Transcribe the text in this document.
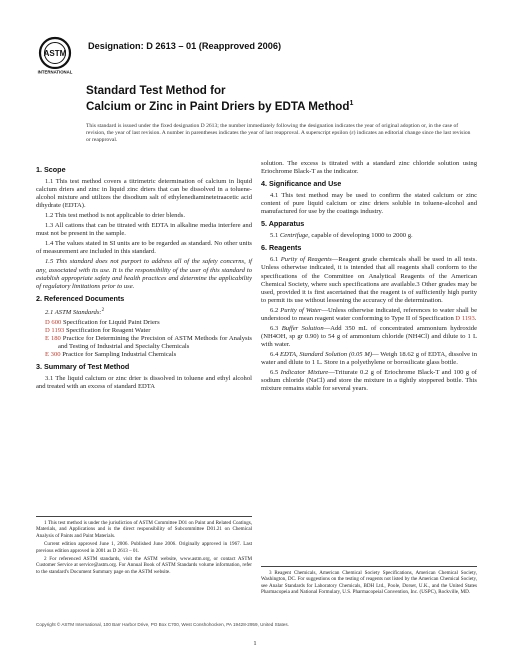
ASTM
INTERNATIONAL
Designation: D 2613 – 01 (Reapproved 2006)
Standard Test Method for
Calcium or Zinc in Paint Driers by EDTA Method$^1$
This standard is issued under the fixed designation D 2613; the number immediately following the designation indicates the year of original adoption or, in the case of revision, the year of last revision. A number in parentheses indicates the year of last reapproval. A superscript epsilon (ε) indicates an editorial change since the last revision or reapproval.
1. Scope

1.1 This test method covers a titrimetric determination of calcium in liquid calcium driers and zinc in liquid zinc driers that can be dissolved in a toluene-alcohol mixture and utilizes the disodium salt of ethylenediaminetetraacetic acid dihydrate (EDTA).

1.2 This test method is not applicable to drier blends.

1.3 All cations that can be titrated with EDTA in alkaline media interfere and must not be present in the sample.

1.4 The values stated in SI units are to be regarded as standard. No other units of measurement are included in this standard.

1.5 This standard does not purport to address all of the safety concerns, if any, associated with its use. It is the responsibility of the user of this standard to establish appropriate safety and health practices and determine the applicability of regulatory limitations prior to use.

2. Referenced Documents

2.1 ASTM Standards:$^2$

D 600 Specification for Liquid Paint Driers
D 1193 Specification for Reagent Water
E 180 Practice for Determining the Precision of ASTM Methods for Analysis and Testing of Industrial and Specialty Chemicals
E 300 Practice for Sampling Industrial Chemicals
3. Summary of Test Method

3.1 The liquid calcium or zinc drier is dissolved in toluene and ethyl alcohol and treated with an excess of standard EDTA

solution. The excess is titrated with a standard zinc chloride solution using Eriochrome Black-T as the indicator.

4. Significance and Use

4.1 This test method may be used to confirm the stated calcium or zinc content of pure liquid calcium or zinc driers soluble in toluene-alcohol and manufactured for use by the coatings industry.

5. Apparatus

5.1 Centrifuge, capable of developing 1000 to 2000 g.

6. Reagents

6.1 Purity of Reagents—Reagent grade chemicals shall be used in all tests. Unless otherwise indicated, it is intended that all reagents shall conform to the specifications of the Committee on Analytical Reagents of the American Chemical Society, where such specifications are available.3 Other grades may be used, provided it is first ascertained that the reagent is of sufficiently high purity to permit its use without lessening the accuracy of the determination.

6.2 Purity of Water—Unless otherwise indicated, references to water shall be understood to mean reagent water conforming to Type II of Specification D 1193.

6.3 Buffer Solution—Add 350 mL of concentrated ammonium hydroxide (NH4OH, sp gr 0.90) to 54 g of ammonium chloride (NH4Cl) and dilute to 1 L with water.

6.4 EDTA, Standard Solution (0.05 M)— Weigh 18.62 g of EDTA, dissolve in water and dilute to 1 L. Store in a polyethylene or borosilicate glass bottle.

6.5 Indicator Mixture—Triturate 0.2 g of Eriochrome Black-T and 100 g of sodium chloride (NaCl) and store the mixture in a tightly stoppered bottle. This mixture remains stable for several years.

1 This test method is under the jurisdiction of ASTM Committee D01 on Paint and Related Coatings, Materials, and Applications and is the direct responsibility of Subcommittee D01.21 on Chemical Analysis of Paints and Paint Materials.

Current edition approved June 1, 2006. Published June 2006. Originally approved in 1967. Last previous edition approved in 2001 as D 2613 – 01.

2 For referenced ASTM standards, visit the ASTM website, www.astm.org, or contact ASTM Customer Service at service@astm.org. For Annual Book of ASTM Standards volume information, refer to the standard's Document Summary page on the ASTM website.	3 Reagent Chemicals, American Chemical Society Specifications, American Chemical Society, Washington, DC. For suggestions on the testing of reagents not listed by the American Chemical Society, see Analar Standards for Laboratory Chemicals, BDH Ltd., Poole, Dorset, U.K., and the United States Pharmacopeia and National Formulary, U.S. Pharmacopeial Convention, Inc. (USPC), Rockville, MD.

Copyright © ASTM International, 100 Barr Harbor Drive, PO Box C700, West Conshohocken, PA 19428-2959, United States.
1
